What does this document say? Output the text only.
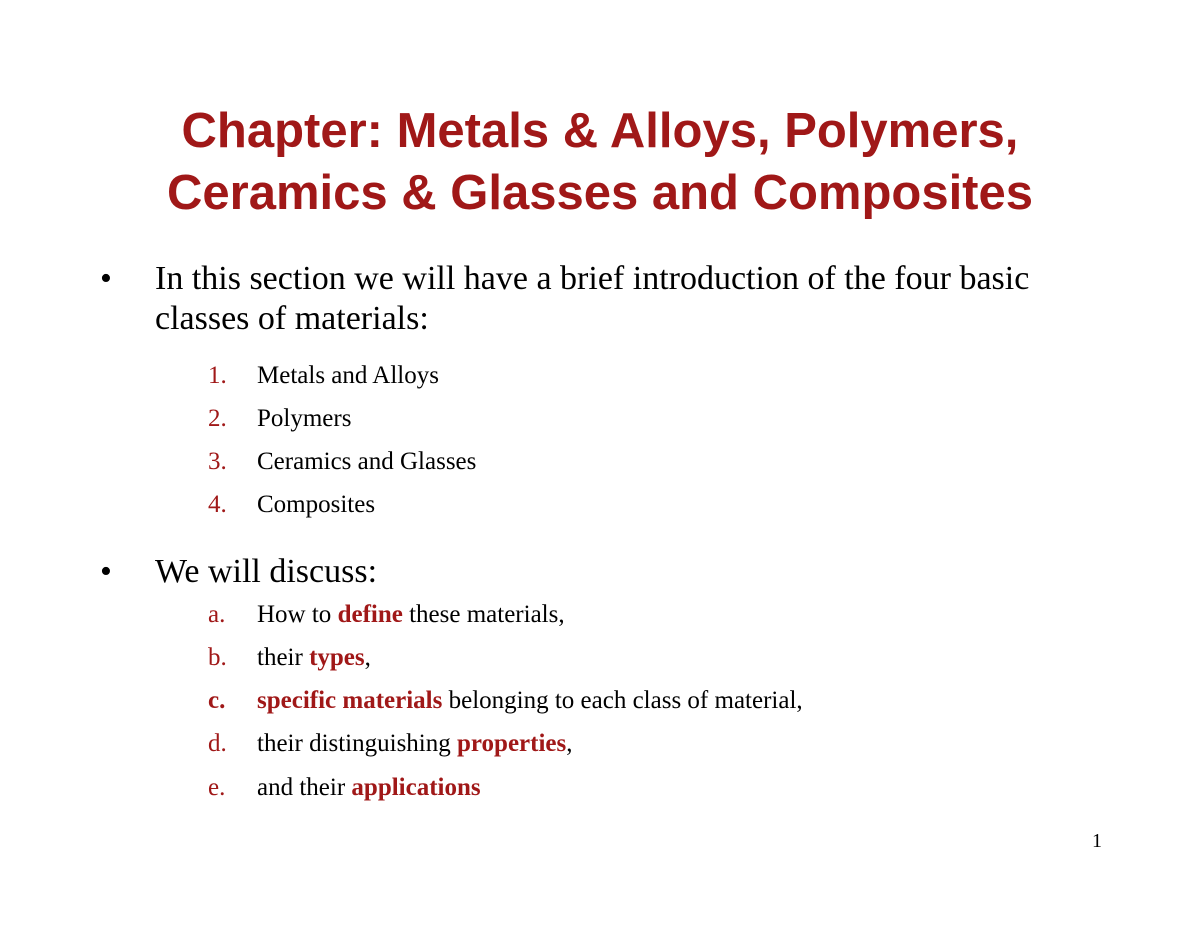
Chapter: Metals & Alloys, Polymers,
Ceramics & Glasses and Composites
•	In this section we will have a brief introduction of the four basic
classes of materials:
1.	Metals and Alloys
2.	Polymers
3.	Ceramics and Glasses
4.	Composites
•	We will discuss:
a.	How to define these materials,
b.	their types,
c.	specific materials belonging to each class of material,
d.	their distinguishing properties,
e.	and their applications
1
